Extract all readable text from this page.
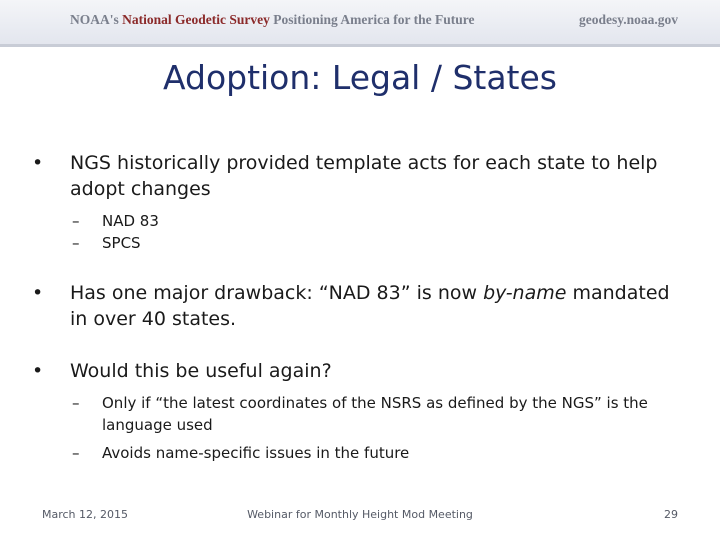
NOAA's National Geodetic Survey Positioning America for the Future	geodesy.noaa.gov
Adoption: Legal / States
• NGS historically provided template acts for each state to help adopt changes
– NAD 83
– SPCS
• Has one major drawback: “NAD 83” is now by-name mandated in over 40 states.
• Would this be useful again?
– Only if “the latest coordinates of the NSRS as defined by the NGS” is the language used
– Avoids name-specific issues in the future
March 12, 2015	Webinar for Monthly Height Mod Meeting	29
